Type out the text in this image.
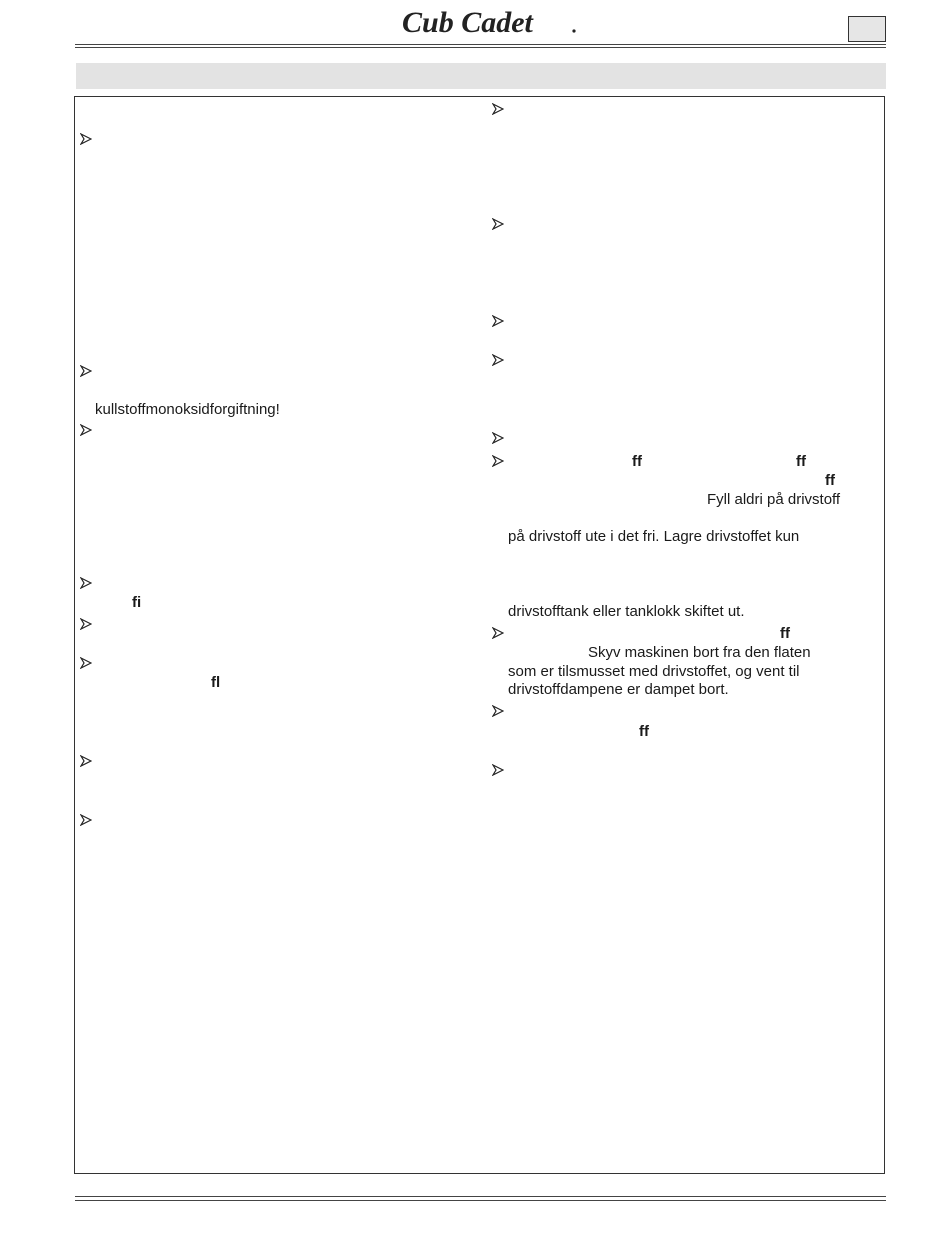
Cub Cadet
kullstoffmonoksidforgiftning!
fi
fl
ff	ff
ff
Fyll aldri på drivstoff
på drivstoff ute i det fri. Lagre drivstoffet kun
drivstofftank eller tanklokk skiftet ut.
ff
Skyv maskinen bort fra den flaten
som er tilsmusset med drivstoffet, og vent til
drivstoffdampene er dampet bort.
ff
